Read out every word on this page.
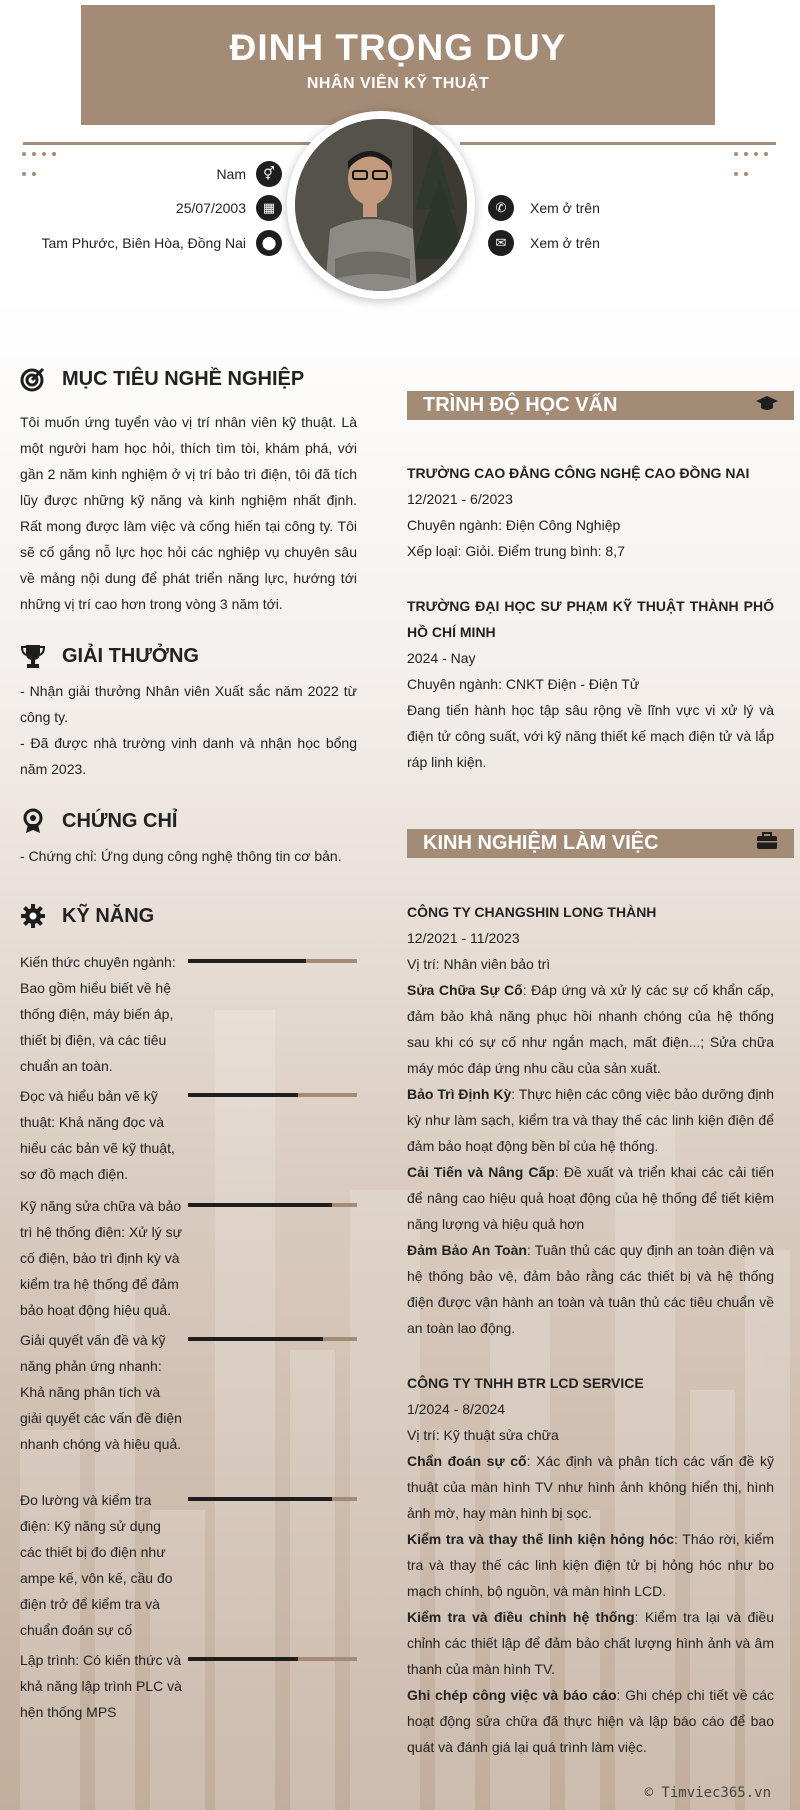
ĐINH TRỌNG DUY
NHÂN VIÊN KỸ THUẬT
Nam	⚥
25/07/2003	▦
Tam Phước, Biên Hòa, Đồng Nai	⬤
✆	Xem ở trên
✉	Xem ở trên
MỤC TIÊU NGHỀ NGHIỆP
Tôi muốn ứng tuyển vào vị trí nhân viên kỹ thuật. Là một người ham học hỏi, thích tìm tòi, khám phá, với gần 2 năm kinh nghiệm ở vị trí bảo trì điện, tôi đã tích lũy được những kỹ năng và kinh nghiệm nhất định. Rất mong được làm việc và cống hiến tại công ty. Tôi sẽ cố gắng nỗ lực học hỏi các nghiệp vụ chuyên sâu về mảng nội dung để phát triển năng lực, hướng tới những vị trí cao hơn trong vòng 3 năm tới.
GIẢI THƯỞNG
- Nhận giải thưởng Nhân viên Xuất sắc năm 2022 từ công ty.
- Đã được nhà trường vinh danh và nhận học bổng năm 2023.
CHỨNG CHỈ
- Chứng chỉ: Ứng dụng công nghệ thông tin cơ bản.
KỸ NĂNG
Kiến thức chuyên ngành: Bao gồm hiểu biết về hệ thống điện, máy biến áp, thiết bị điện, và các tiêu chuẩn an toàn.
Đọc và hiểu bản vẽ kỹ thuật: Khả năng đọc và hiểu các bản vẽ kỹ thuật, sơ đồ mạch điện.
Kỹ năng sửa chữa và bảo trì hệ thống điện: Xử lý sự cố điện, bảo trì định kỳ và kiểm tra hệ thống để đảm bảo hoạt động hiệu quả.
Giải quyết vấn đề và kỹ năng phản ứng nhanh: Khả năng phân tích và giải quyết các vấn đề điện nhanh chóng và hiệu quả.
Đo lường và kiểm tra điện: Kỹ năng sử dụng các thiết bị đo điện như ampe kế, vôn kế, cầu đo điện trở để kiểm tra và chuẩn đoán sự cố
Lập trình: Có kiến thức và khả năng lập trình PLC và hện thống MPS
TRÌNH ĐỘ HỌC VẤN
TRƯỜNG CAO ĐẲNG CÔNG NGHỆ CAO ĐỒNG NAI
12/2021 - 6/2023
Chuyên ngành: Điện Công Nghiệp
Xếp loại: Giỏi. Điểm trung bình: 8,7
TRƯỜNG ĐẠI HỌC SƯ PHẠM KỸ THUẬT THÀNH PHỐ HỒ CHÍ MINH
2024 - Nay
Chuyên ngành: CNKT Điện - Điện Tử
Đang tiến hành học tập sâu rộng về lĩnh vực vi xử lý và điện tử công suất, với kỹ năng thiết kế mạch điện tử và lắp ráp linh kiện.
KINH NGHIỆM LÀM VIỆC
CÔNG TY CHANGSHIN LONG THÀNH
12/2021 - 11/2023
Vị trí: Nhân viên bảo trì
Sửa Chữa Sự Cố: Đáp ứng và xử lý các sự cố khẩn cấp, đảm bảo khả năng phục hồi nhanh chóng của hệ thống sau khi có sự cố như ngắn mạch, mất điện...; Sửa chữa máy móc đáp ứng nhu cầu của sản xuất.
Bảo Trì Định Kỳ: Thực hiện các công việc bảo dưỡng định kỳ như làm sạch, kiểm tra và thay thế các linh kiện điện để đảm bảo hoạt động bền bỉ của hệ thống.
Cải Tiến và Nâng Cấp: Đề xuất và triển khai các cải tiến để nâng cao hiệu quả hoạt động của hệ thống để tiết kiệm năng lượng và hiệu quả hơn
Đảm Bảo An Toàn: Tuân thủ các quy định an toàn điện và hệ thống bảo vệ, đảm bảo rằng các thiết bị và hệ thống điện được vận hành an toàn và tuân thủ các tiêu chuẩn về an toàn lao động.
CÔNG TY TNHH BTR LCD SERVICE
1/2024 - 8/2024
Vị trí: Kỹ thuật sửa chữa
Chẩn đoán sự cố: Xác định và phân tích các vấn đề kỹ thuật của màn hình TV như hình ảnh không hiển thị, hình ảnh mờ, hay màn hình bị sọc.
Kiểm tra và thay thế linh kiện hỏng hóc: Tháo rời, kiểm tra và thay thế các linh kiện điện tử bị hỏng hóc như bo mạch chính, bộ nguồn, và màn hình LCD.
Kiểm tra và điều chỉnh hệ thống: Kiểm tra lại và điều chỉnh các thiết lập để đảm bảo chất lượng hình ảnh và âm thanh của màn hình TV.
Ghi chép công việc và báo cáo: Ghi chép chi tiết về các hoạt động sửa chữa đã thực hiện và lập báo cáo để bao quát và đánh giá lại quá trình làm việc.
© Timviec365.vn
